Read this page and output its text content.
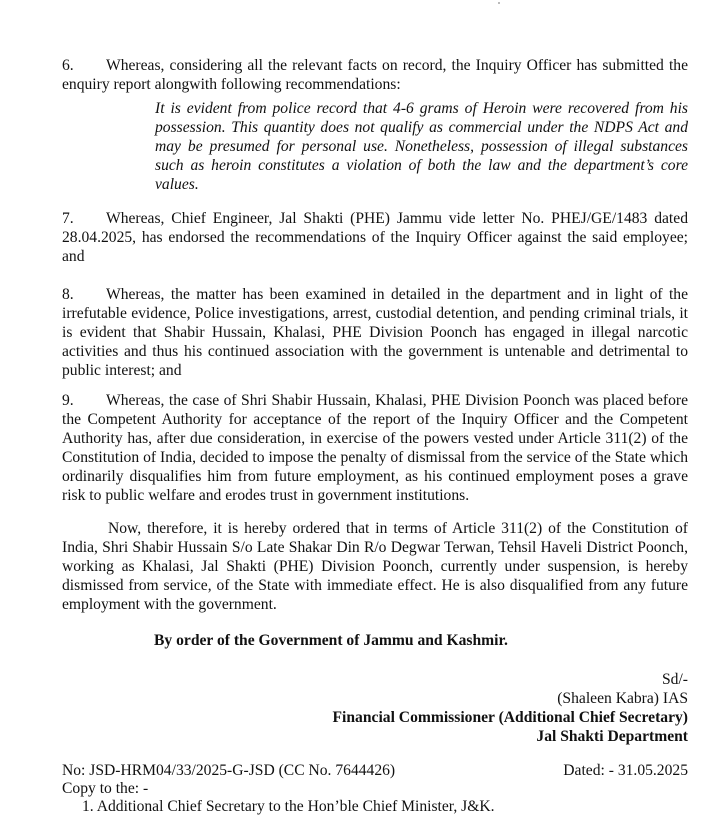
6. Whereas, considering all the relevant facts on record, the Inquiry Officer has submitted the enquiry report alongwith following recommendations:

It is evident from police record that 4-6 grams of Heroin were recovered from his possession. This quantity does not qualify as commercial under the NDPS Act and may be presumed for personal use. Nonetheless, possession of illegal substances such as heroin constitutes a violation of both the law and the department’s core values.

7. Whereas, Chief Engineer, Jal Shakti (PHE) Jammu vide letter No. PHEJ/GE/1483 dated 28.04.2025, has endorsed the recommendations of the Inquiry Officer against the said employee; and

8. Whereas, the matter has been examined in detailed in the department and in light of the irrefutable evidence, Police investigations, arrest, custodial detention, and pending criminal trials, it is evident that Shabir Hussain, Khalasi, PHE Division Poonch has engaged in illegal narcotic activities and thus his continued association with the government is untenable and detrimental to public interest; and

9. Whereas, the case of Shri Shabir Hussain, Khalasi, PHE Division Poonch was placed before the Competent Authority for acceptance of the report of the Inquiry Officer and the Competent Authority has, after due consideration, in exercise of the powers vested under Article 311(2) of the Constitution of India, decided to impose the penalty of dismissal from the service of the State which ordinarily disqualifies him from future employment, as his continued employment poses a grave risk to public welfare and erodes trust in government institutions.

Now, therefore, it is hereby ordered that in terms of Article 311(2) of the Constitution of India, Shri Shabir Hussain S/o Late Shakar Din R/o Degwar Terwan, Tehsil Haveli District Poonch, working as Khalasi, Jal Shakti (PHE) Division Poonch, currently under suspension, is hereby dismissed from service, of the State with immediate effect. He is also disqualified from any future employment with the government.

By order of the Government of Jammu and Kashmir.

Sd/-

(Shaleen Kabra) IAS

Financial Commissioner (Additional Chief Secretary)

Jal Shakti Department

No: JSD-HRM04/33/2025-G-JSD (CC No. 7644426)	Dated: - 31.05.2025

Copy to the: -

1. Additional Chief Secretary to the Hon’ble Chief Minister, J&K.
